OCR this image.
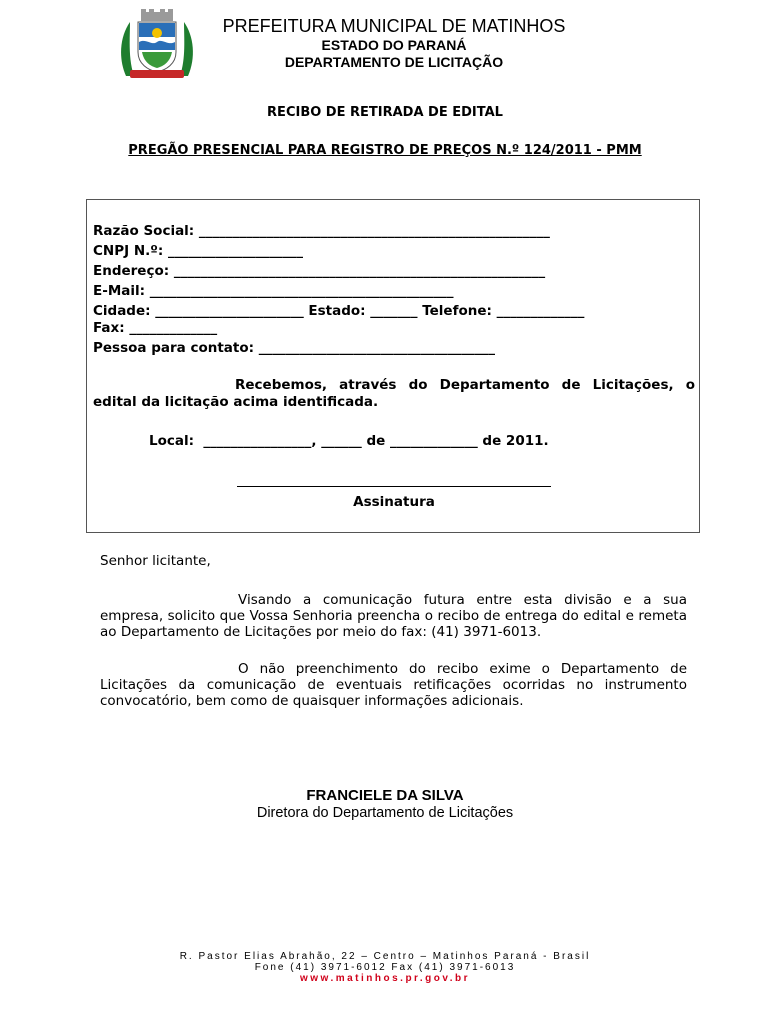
PREFEITURA MUNICIPAL DE MATINHOS
ESTADO DO PARANÁ
DEPARTAMENTO DE LICITAÇÃO
RECIBO DE RETIRADA DE EDITAL
PREGÃO PRESENCIAL PARA REGISTRO DE PREÇOS N.º 124/2011 - PMM
Razão Social: ____________________________________________________
CNPJ N.º: ____________________
Endereço: _______________________________________________________
E-Mail: _____________________________________________
Cidade: ______________________ Estado: _______ Telefone: _____________
Fax: _____________
Pessoa para contato: ___________________________________
Recebemos, através do Departamento de Licitações, o
edital da licitação acima identificada.
Local:  ________________, ______ de _____________ de 2011.
Assinatura
Senhor licitante,
Visando a comunicação futura entre esta divisão e a sua empresa, solicito que Vossa Senhoria preencha o recibo de entrega do edital e remeta ao Departamento de Licitações por meio do fax: (41) 3971-6013.
O não preenchimento do recibo exime o Departamento de Licitações da comunicação de eventuais retificações ocorridas no instrumento convocatório, bem como de quaisquer informações adicionais.
FRANCIELE DA SILVA
Diretora do Departamento de Licitações
R. Pastor Elias Abrahão, 22 – Centro – Matinhos Paraná - Brasil
Fone (41) 3971-6012 Fax (41) 3971-6013
www.matinhos.pr.gov.br
